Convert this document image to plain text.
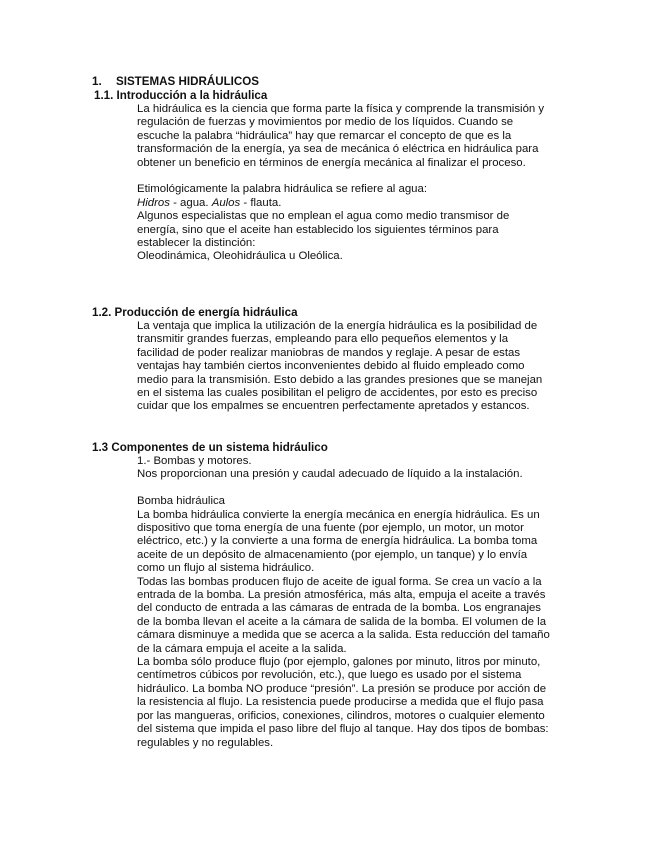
1. SISTEMAS HIDRÁULICOS
1.1. Introducción a la hidráulica

La hidráulica es la ciencia que forma parte la física y comprende la transmisión y

regulación de fuerzas y movimientos por medio de los líquidos. Cuando se

escuche la palabra “hidráulica” hay que remarcar el concepto de que es la

transformación de la energía, ya sea de mecánica ó eléctrica en hidráulica para

obtener un beneficio en términos de energía mecánica al finalizar el proceso.

Etimológicamente la palabra hidráulica se refiere al agua:

Hidros - agua. Aulos - flauta.

Algunos especialistas que no emplean el agua como medio transmisor de

energía, sino que el aceite han establecido los siguientes términos para

establecer la distinción:

Oleodinámica, Oleohidráulica u Oleólica.

1.2. Producción de energía hidráulica

La ventaja que implica la utilización de la energía hidráulica es la posibilidad de

transmitir grandes fuerzas, empleando para ello pequeños elementos y la

facilidad de poder realizar maniobras de mandos y reglaje. A pesar de estas

ventajas hay también ciertos inconvenientes debido al fluido empleado como

medio para la transmisión. Esto debido a las grandes presiones que se manejan

en el sistema las cuales posibilitan el peligro de accidentes, por esto es preciso

cuidar que los empalmes se encuentren perfectamente apretados y estancos.

1.3 Componentes de un sistema hidráulico

1.- Bombas y motores.

Nos proporcionan una presión y caudal adecuado de líquido a la instalación.

Bomba hidráulica

La bomba hidráulica convierte la energía mecánica en energía hidráulica. Es un

dispositivo que toma energía de una fuente (por ejemplo, un motor, un motor

eléctrico, etc.) y la convierte a una forma de energía hidráulica. La bomba toma

aceite de un depósito de almacenamiento (por ejemplo, un tanque) y lo envía

como un flujo al sistema hidráulico.

Todas las bombas producen flujo de aceite de igual forma. Se crea un vacío a la

entrada de la bomba. La presión atmosférica, más alta, empuja el aceite a través

del conducto de entrada a las cámaras de entrada de la bomba. Los engranajes

de la bomba llevan el aceite a la cámara de salida de la bomba. El volumen de la

cámara disminuye a medida que se acerca a la salida. Esta reducción del tamaño

de la cámara empuja el aceite a la salida.

La bomba sólo produce flujo (por ejemplo, galones por minuto, litros por minuto,

centímetros cúbicos por revolución, etc.), que luego es usado por el sistema

hidráulico. La bomba NO produce “presión”. La presión se produce por acción de

la resistencia al flujo. La resistencia puede producirse a medida que el flujo pasa

por las mangueras, orificios, conexiones, cilindros, motores o cualquier elemento

del sistema que impida el paso libre del flujo al tanque. Hay dos tipos de bombas:

regulables y no regulables.
